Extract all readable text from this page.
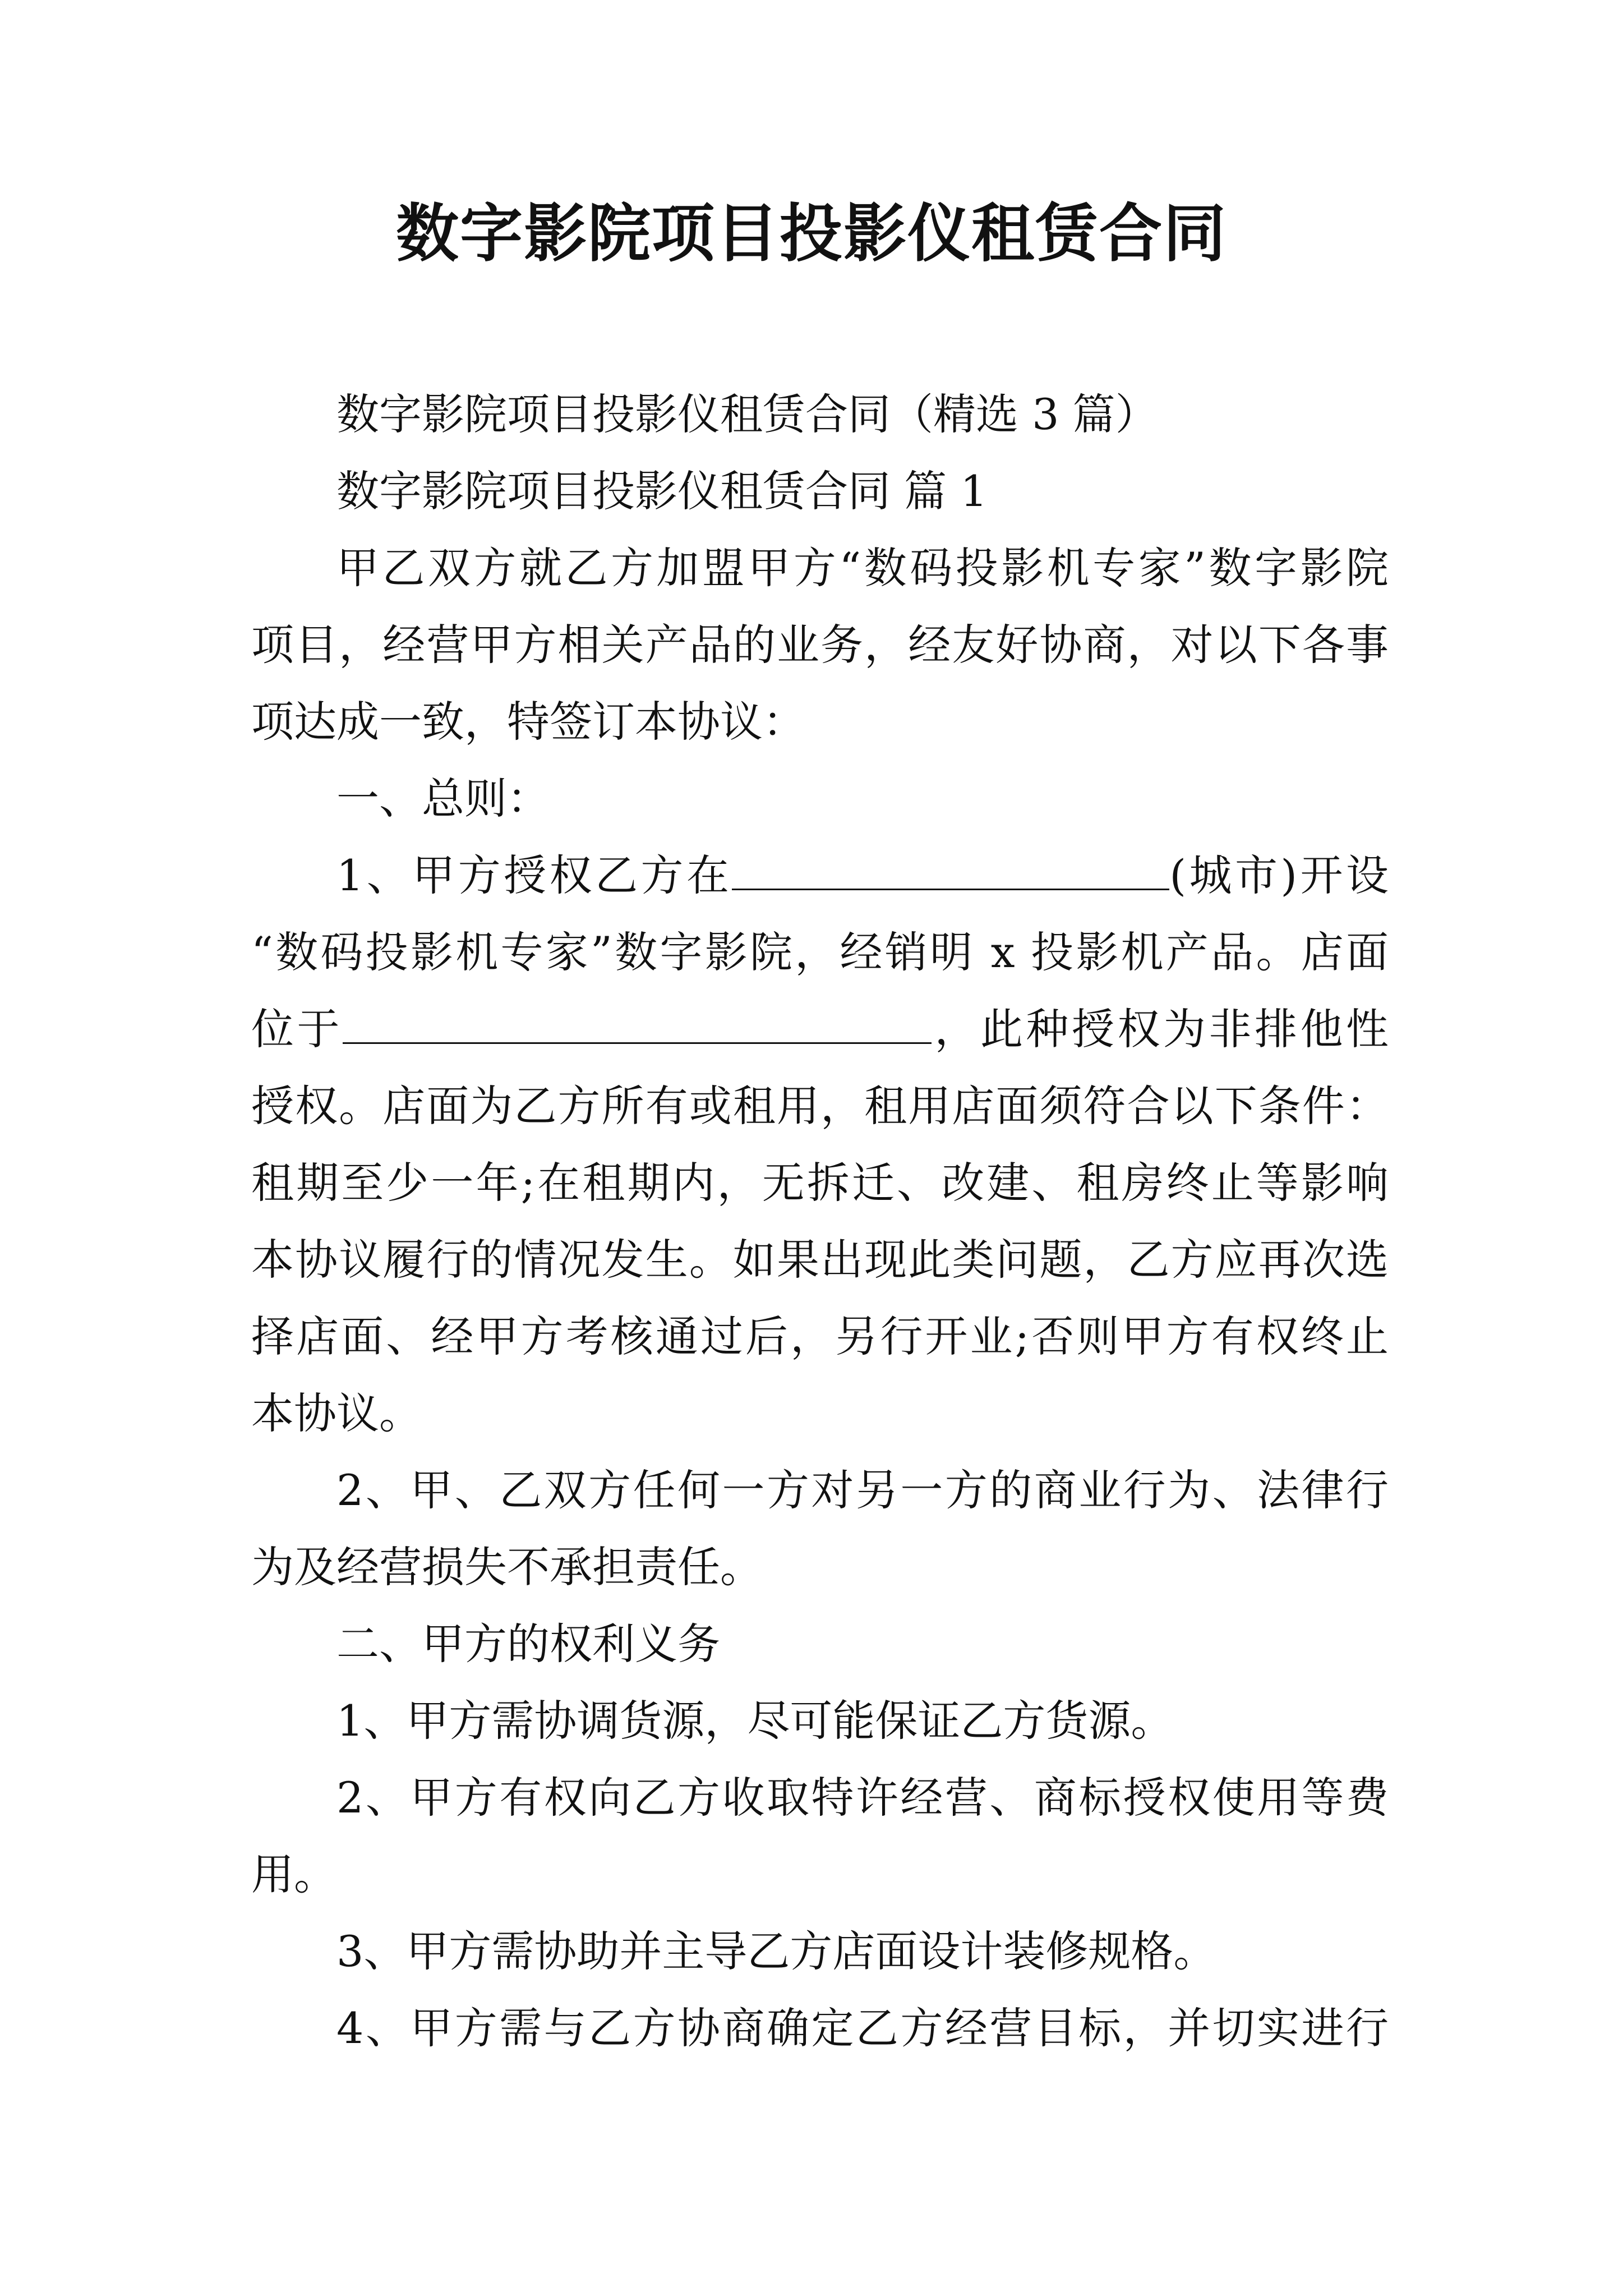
数字影院项目投影仪租赁合同
数字影院项目投影仪租赁合同（精选 3 篇）
数字影院项目投影仪租赁合同 篇 1
甲乙双方就乙方加盟甲方“数码投影机专家”数字影院
项目，经营甲方相关产品的业务，经友好协商，对以下各事
项达成一致，特签订本协议：
一、总则：
1、甲方授权乙方在	(城市)开设
“数码投影机专家”数字影院，经销明 x 投影机产品。店面
位于	，此种授权为非排他性
授权。店面为乙方所有或租用，租用店面须符合以下条件：
租期至少一年;在租期内，无拆迁、改建、租房终止等影响
本协议履行的情况发生。如果出现此类问题，乙方应再次选
择店面、经甲方考核通过后，另行开业;否则甲方有权终止
本协议。
2、甲、乙双方任何一方对另一方的商业行为、法律行
为及经营损失不承担责任。
二、甲方的权利义务
1、甲方需协调货源，尽可能保证乙方货源。
2、甲方有权向乙方收取特许经营、商标授权使用等费
用。
3、甲方需协助并主导乙方店面设计装修规格。
4、甲方需与乙方协商确定乙方经营目标，并切实进行
